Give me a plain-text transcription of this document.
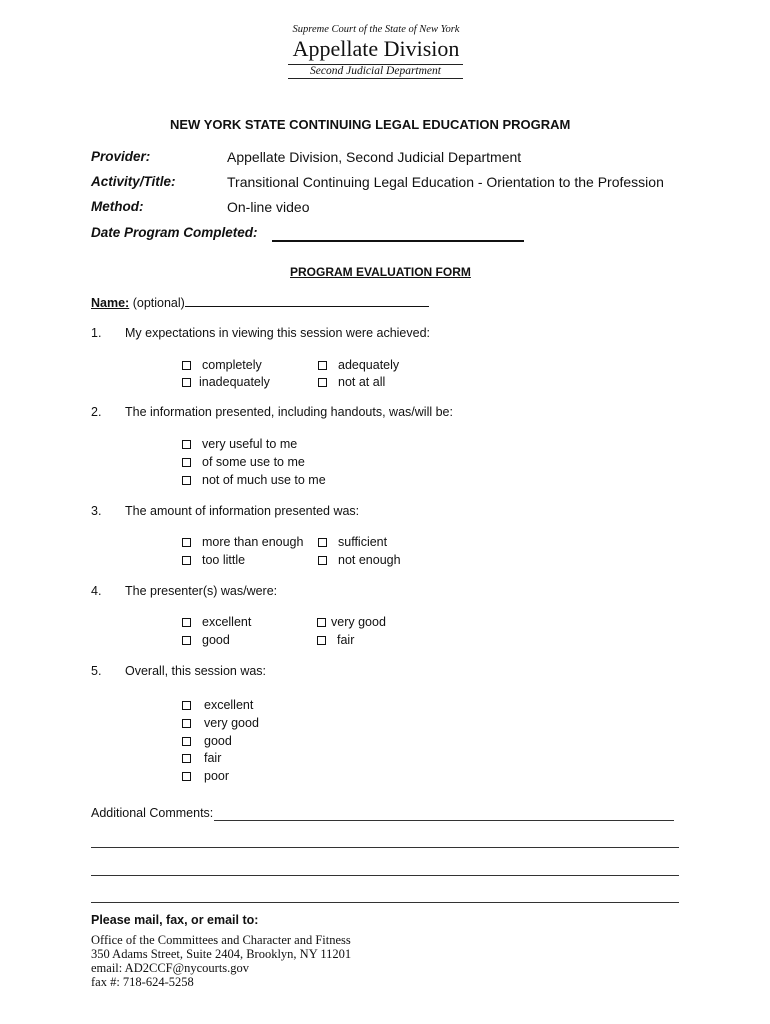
Supreme Court of the State of New York
Appellate Division
Second Judicial Department
NEW YORK STATE CONTINUING LEGAL EDUCATION PROGRAM
Provider:	Appellate Division, Second Judicial Department
Activity/Title:	Transitional Continuing Legal Education - Orientation to the Profession
Method:	On-line video
Date Program Completed:
PROGRAM EVALUATION FORM
Name: (optional)
1. My expectations in viewing this session were achieved:
completely	adequately
inadequately	not at all
2. The information presented, including handouts, was/will be:
very useful to me
of some use to me
not of much use to me
3. The amount of information presented was:
more than enough	sufficient
too little	not enough
4. The presenter(s) was/were:
excellent	very good
good	fair
5. Overall, this session was:
excellent
very good
good
fair
poor
Additional Comments:
Please mail, fax, or email to:
Office of the Committees and Character and Fitness
350 Adams Street, Suite 2404, Brooklyn, NY 11201
email: AD2CCF@nycourts.gov
fax #: 718-624-5258
